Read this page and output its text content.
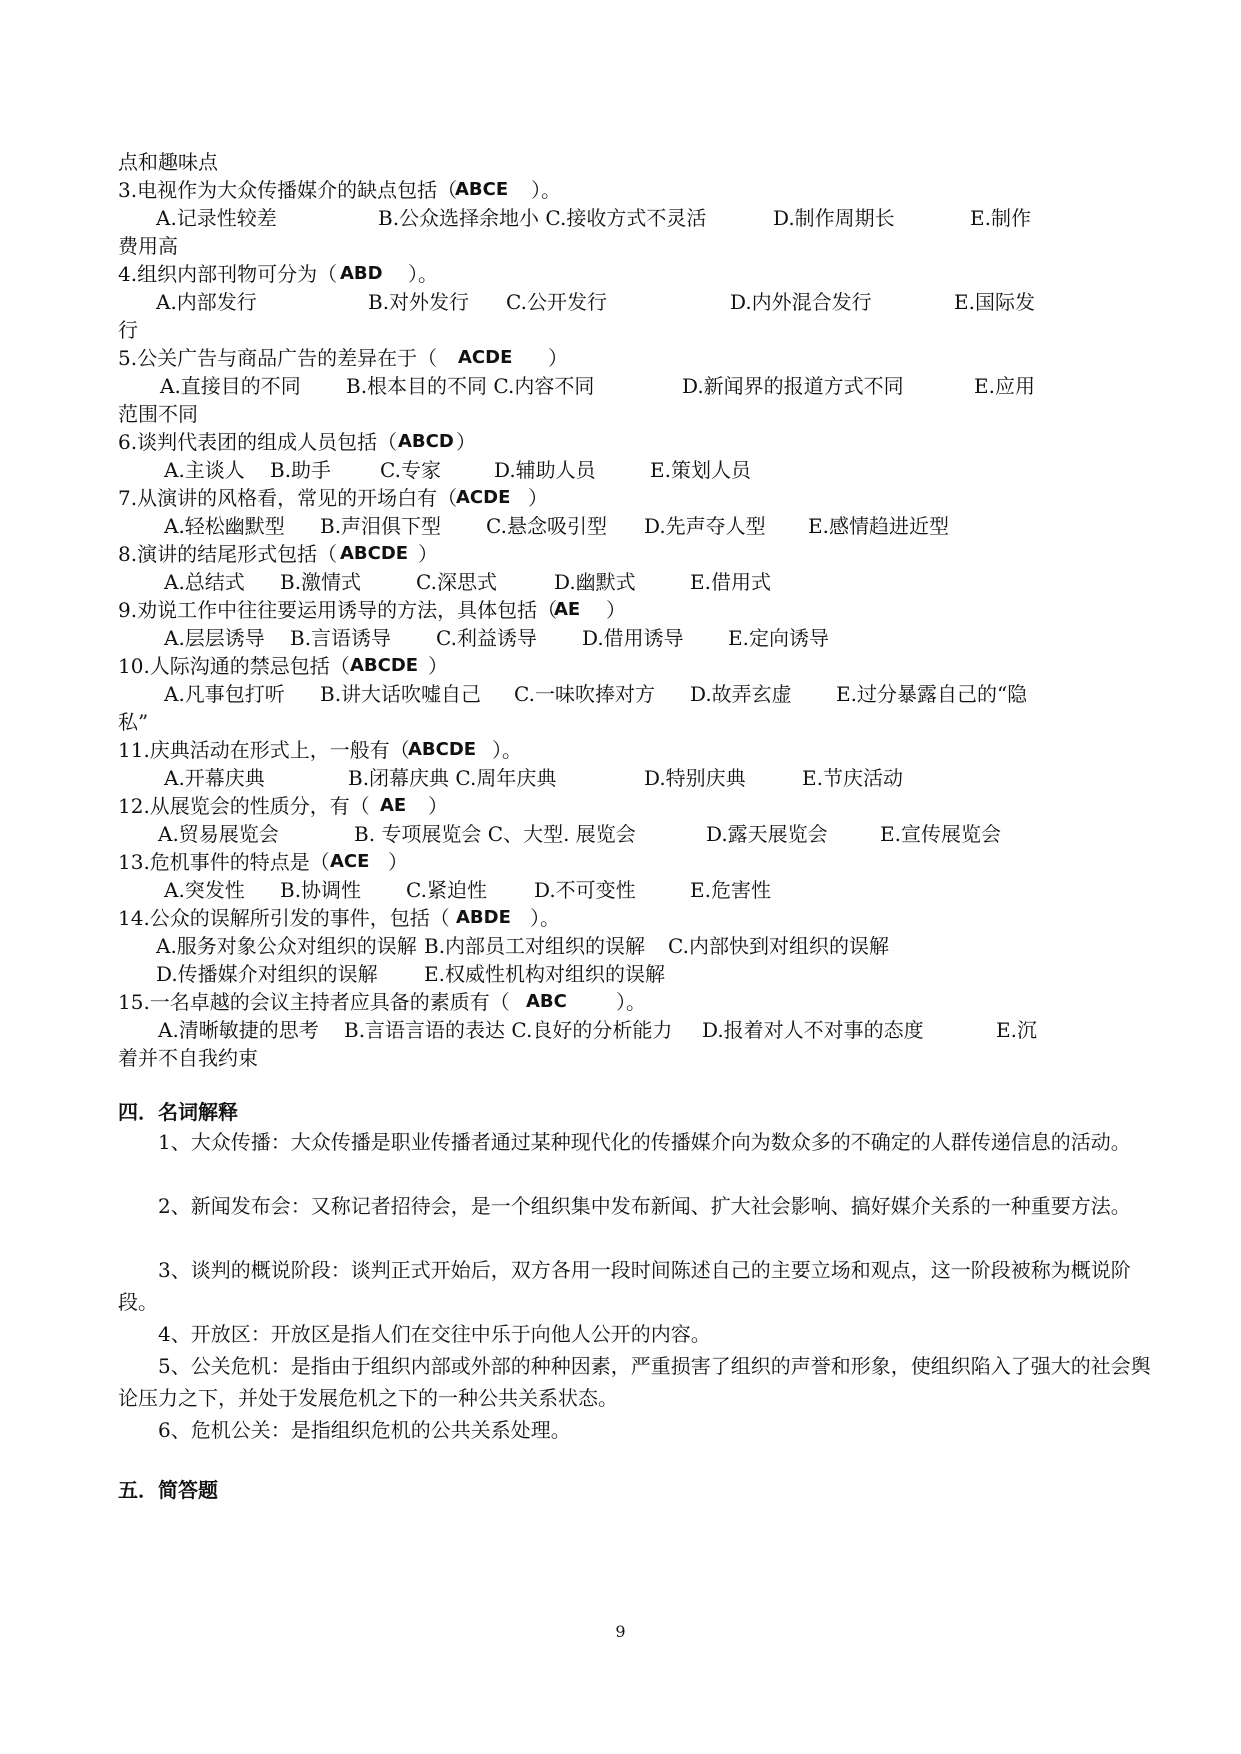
点和趣味点
3.电视作为大众传播媒介的缺点包括（
ABCE ）。
A.记录性较差	B.公众选择余地小 C.接收方式不灵活	D.制作周期长	E.制作
费用高
4.组织内部刊物可分为（ ABD ）。
A.内部发行	B.对外发行 C.公开发行	D.内外混合发行	E.国际发
行
5.公关广告与商品广告的差异在于（ ACDE ）
A.直接目的不同 B.根本目的不同 C.内容不同	D.新闻界的报道方式不同	E.应用
范围不同
6.谈判代表团的组成人员包括（ ABCD ）
A.主谈人 B.助手 C.专家	D.辅助人员	E.策划人员
7.从演讲的风格看，常见的开场白有（
ACDE ）
A.轻松幽默型 B.声泪俱下型 C.悬念吸引型 D.先声夺人型 E.感情趋进近型
8.演讲的结尾形式包括（ ABCDE ）
A.总结式 B.激情式	C.深思式	D.幽默式	E.借用式
9.劝说工作中往往要运用诱导的方法，具体包括（
AE ）
A.层层诱导 B.言语诱导 C.利益诱导 D.借用诱导 E.定向诱导
10.人际沟通的禁忌包括（ ABCDE ）
A.凡事包打听 B.讲大话吹嘘自己 C.一味吹捧对方 D.故弄玄虚 E.过分暴露自己的“隐
私”
11.庆典活动在形式上，一般有（
ABCDE ）。
A.开幕庆典	B.闭幕庆典 C.周年庆典	D.特别庆典	E.节庆活动
12.从展览会的性质分，有（ AE ）
A.贸易展览会	B. 专项展览会 C、大型. 展览会	D.露天展览会	E.宣传展览会
13.危机事件的特点是（ ACE ）
A.突发性 B.协调性 C.紧迫性 D.不可变性	E.危害性
14.公众的误解所引发的事件，包括（ ABDE ）。
A.服务对象公众对组织的误解 B.内部员工对组织的误解 C.内部快到对组织的误解
D.传播媒介对组织的误解 E.权威性机构对组织的误解
15.一名卓越的会议主持者应具备的素质有（ ABC ）。
A.清晰敏捷的思考 B.言语言语的表达 C.良好的分析能力 D.报着对人不对事的态度	E.沉
着并不自我约束
四．名词解释
1、大众传播：大众传播是职业传播者通过某种现代化的传播媒介向为数众多的不确定的人群传递信息的活动。
2、新闻发布会：又称记者招待会，是一个组织集中发布新闻、扩大社会影响、搞好媒介关系的一种重要方法。
3、谈判的概说阶段：谈判正式开始后，双方各用一段时间陈述自己的主要立场和观点，这一阶段被称为概说阶段。
4、开放区：开放区是指人们在交往中乐于向他人公开的内容。
5、公关危机：是指由于组织内部或外部的种种因素，严重损害了组织的声誉和形象，使组织陷入了强大的社会舆论压力之下，并处于发展危机之下的一种公共关系状态。
6、危机公关：是指组织危机的公共关系处理。
五．简答题
9
